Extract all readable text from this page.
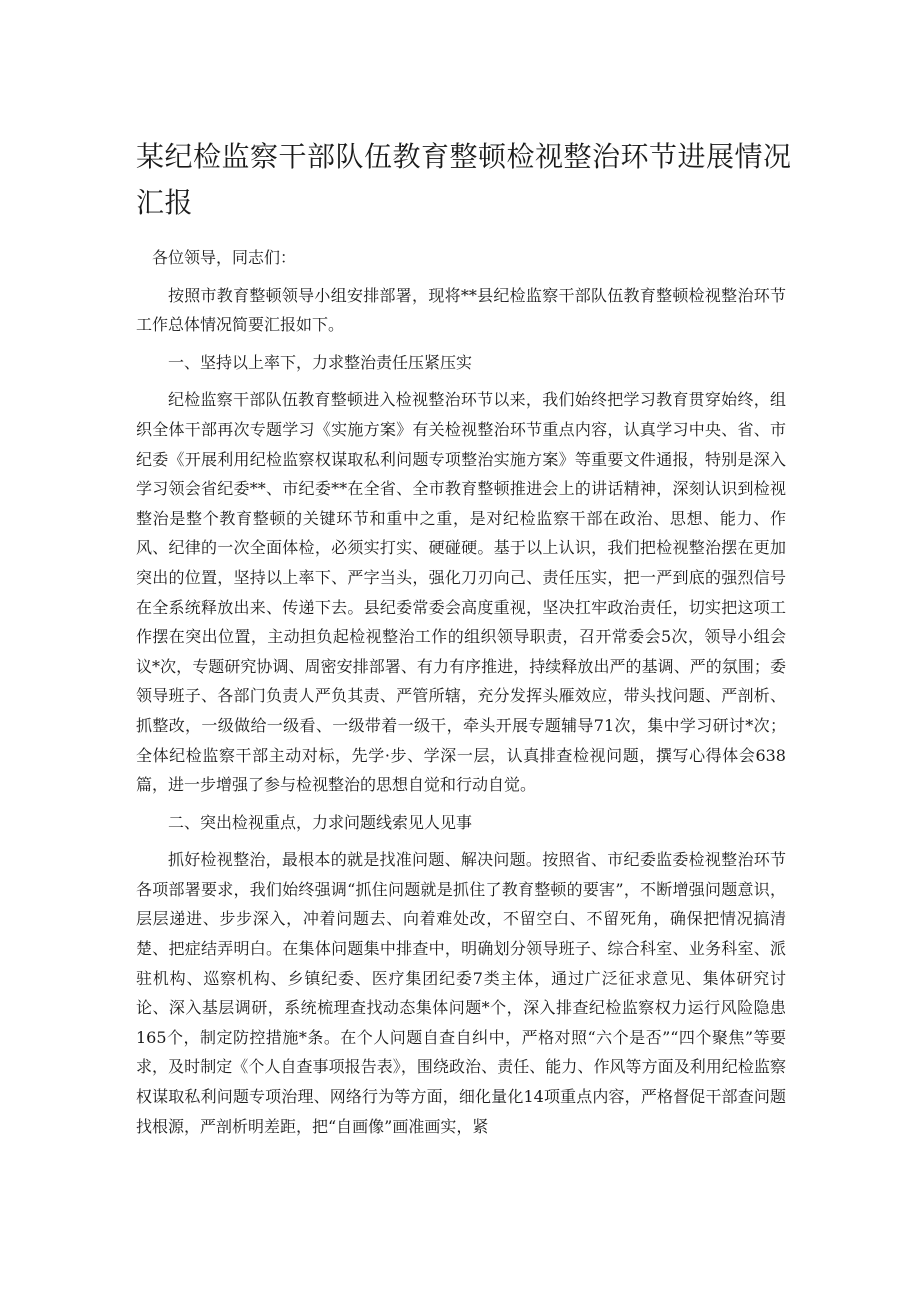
某纪检监察干部队伍教育整顿检视整治环节进展情况汇报

各位领导，同志们：

按照市教育整顿领导小组安排部署，现将**县纪检监察干部队伍教育整顿检视整治环节工作总体情况简要汇报如下。

一、坚持以上率下，力求整治责任压紧压实

纪检监察干部队伍教育整顿进入检视整治环节以来，我们始终把学习教育贯穿始终，组织全体干部再次专题学习《实施方案》有关检视整治环节重点内容，认真学习中央、省、市纪委《开展利用纪检监察权谋取私利问题专项整治实施方案》等重要文件通报，特别是深入学习领会省纪委**、市纪委**在全省、全市教育整顿推进会上的讲话精神，深刻认识到检视整治是整个教育整顿的关键环节和重中之重，是对纪检监察干部在政治、思想、能力、作风、纪律的一次全面体检，必须实打实、硬碰硬。基于以上认识，我们把检视整治摆在更加突出的位置，坚持以上率下、严字当头，强化刀刃向己、责任压实，把一严到底的强烈信号在全系统释放出来、传递下去。县纪委常委会高度重视，坚决扛牢政治责任，切实把这项工作摆在突出位置，主动担负起检视整治工作的组织领导职责，召开常委会5次，领导小组会议*次，专题研究协调、周密安排部署、有力有序推进，持续释放出严的基调、严的氛围；委领导班子、各部门负责人严负其责、严管所辖，充分发挥头雁效应，带头找问题、严剖析、抓整改，一级做给一级看、一级带着一级干，牵头开展专题辅导71次，集中学习研讨*次；全体纪检监察干部主动对标，先学·步、学深一层，认真排查检视问题，撰写心得体会638篇，进一步增强了参与检视整治的思想自觉和行动自觉。

二、突出检视重点，力求问题线索见人见事

抓好检视整治，最根本的就是找准问题、解决问题。按照省、市纪委监委检视整治环节各项部署要求，我们始终强调“抓住问题就是抓住了教育整顿的要害”，不断增强问题意识，层层递进、步步深入，冲着问题去、向着难处改，不留空白、不留死角，确保把情况搞清楚、把症结弄明白。在集体问题集中排查中，明确划分领导班子、综合科室、业务科室、派驻机构、巡察机构、乡镇纪委、医疗集团纪委7类主体，通过广泛征求意见、集体研究讨论、深入基层调研，系统梳理查找动态集体问题*个，深入排查纪检监察权力运行风险隐患165个，制定防控措施*条。在个人问题自查自纠中，严格对照“六个是否”“四个聚焦”等要求，及时制定《个人自查事项报告表》，围绕政治、责任、能力、作风等方面及利用纪检监察权谋取私利问题专项治理、网络行为等方面，细化量化14项重点内容，严格督促干部查问题找根源，严剖析明差距，把“自画像”画准画实，紧
